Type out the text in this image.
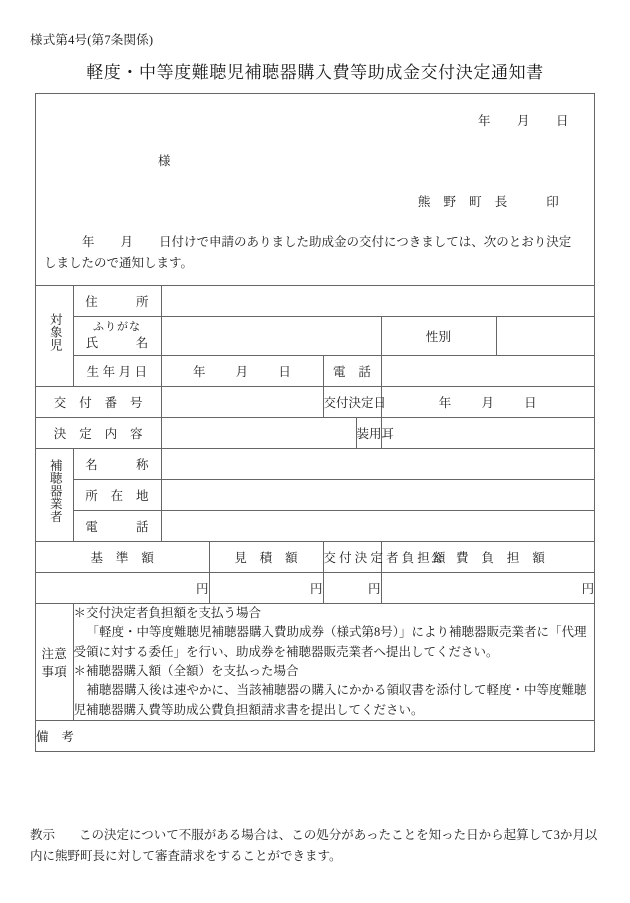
様式第4号(第7条関係)
軽度・中等度難聴児補聴器購入費等助成金交付決定通知書
年 月 日
様
熊 野 町 長	印
年 月 日付けで申請のありました助成金の交付につきましては、次のとおり決定しましたので通知します。
対象児	住　　　所						

	ふりがな
氏　　　名					性別	
	生 年 月 日	年 月 日		電　話			
交　付　番　号				交付決定日		年 月 日	
決　定　内　容					装用耳		
補聴器業者	名　　　称						
	所　在　地						
	電　　　話						
基　準　額			見　積　額	交 付 決 定 者 負 担 額		公　費　負　担　額	
円			円	円		円	
注意事項	＊交付決定者負担額を支払う場合

「軽度・中等度難聴児補聴器購入費助成券（様式第8号）」により補聴器販売業者に「代理受領に対する委任」を行い、助成券を補聴器販売業者へ提出してください。

＊補聴器購入額（全額）を支払った場合

補聴器購入後は速やかに、当該補聴器の購入にかかる領収書を添付して軽度・中等度難聴児補聴器購入費等助成公費負担額請求書を提出してください。						

備　考							
教示 この決定について不服がある場合は、この処分があったことを知った日から起算して3か月以内に熊野町長に対して審査請求をすることができます。
